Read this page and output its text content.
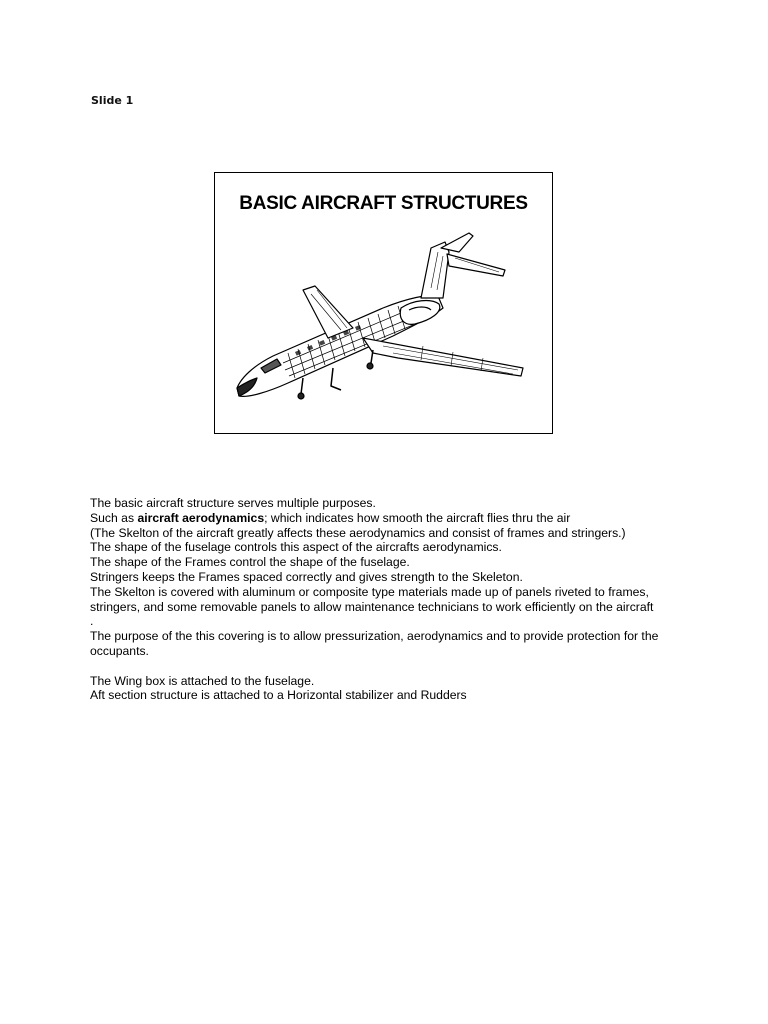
Slide 1
BASIC AIRCRAFT STRUCTURES
The basic aircraft structure serves multiple purposes.
Such as aircraft aerodynamics; which indicates how smooth the aircraft flies thru the air
(The Skelton of the aircraft greatly affects these aerodynamics and consist of frames and stringers.)
The shape of the fuselage controls this aspect of the aircrafts aerodynamics.
The shape of the Frames control the shape of the fuselage.
Stringers keeps the Frames spaced correctly and gives strength to the Skeleton.
The Skelton is covered with aluminum or composite type materials made up of panels riveted to frames,
stringers, and some removable panels to allow maintenance technicians to work efficiently on the aircraft
.
The purpose of the this covering is to allow pressurization, aerodynamics and to provide protection for the
occupants.
The Wing box is attached to the fuselage.
Aft section structure is attached to a Horizontal stabilizer and Rudders
